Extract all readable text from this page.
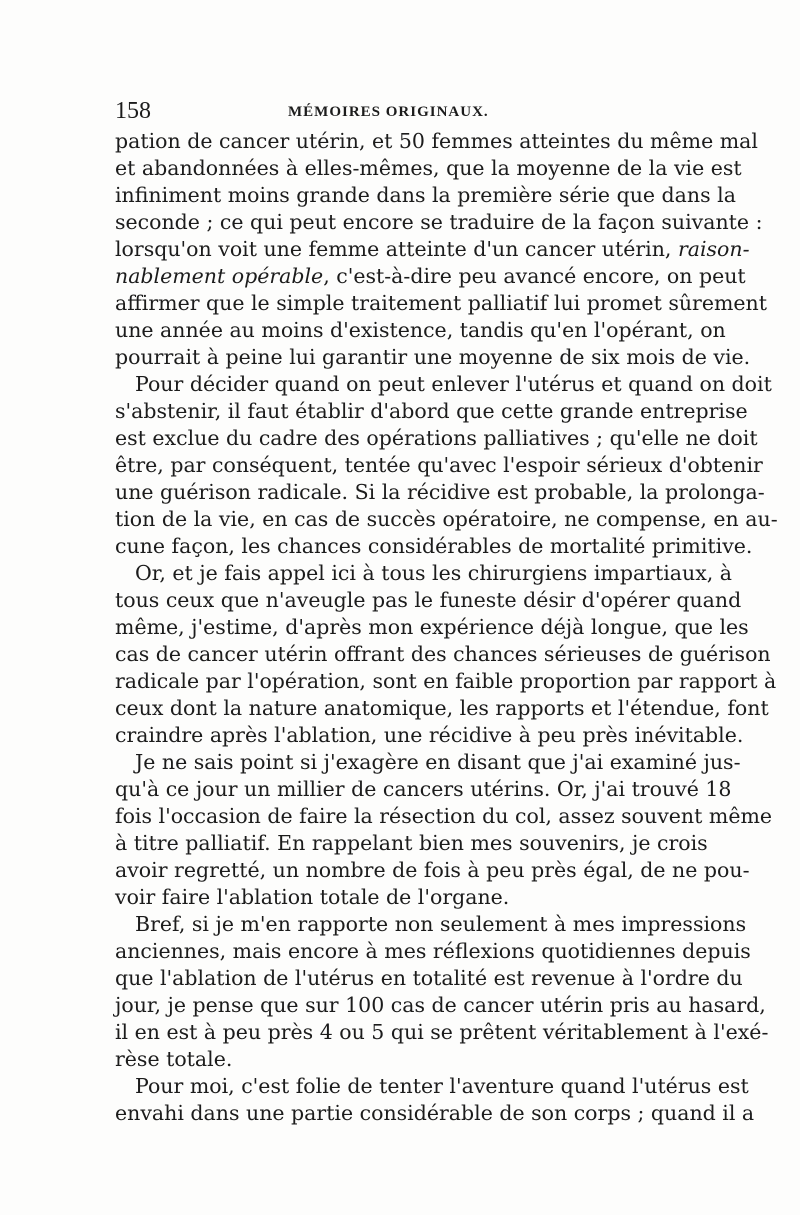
158	MÉMOIRES ORIGINAUX.
pation de cancer utérin, et 50 femmes atteintes du même mal
et abandonnées à elles-mêmes, que la moyenne de la vie est
infiniment moins grande dans la première série que dans la
seconde ; ce qui peut encore se traduire de la façon suivante :
lorsqu'on voit une femme atteinte d'un cancer utérin, raison-
nablement opérable, c'est-à-dire peu avancé encore, on peut
affirmer que le simple traitement palliatif lui promet sûrement
une année au moins d'existence, tandis qu'en l'opérant, on
pourrait à peine lui garantir une moyenne de six mois de vie.
Pour décider quand on peut enlever l'utérus et quand on doit
s'abstenir, il faut établir d'abord que cette grande entreprise
est exclue du cadre des opérations palliatives ; qu'elle ne doit
être, par conséquent, tentée qu'avec l'espoir sérieux d'obtenir
une guérison radicale. Si la récidive est probable, la prolonga-
tion de la vie, en cas de succès opératoire, ne compense, en au-
cune façon, les chances considérables de mortalité primitive.
Or, et je fais appel ici à tous les chirurgiens impartiaux, à
tous ceux que n'aveugle pas le funeste désir d'opérer quand
même, j'estime, d'après mon expérience déjà longue, que les
cas de cancer utérin offrant des chances sérieuses de guérison
radicale par l'opération, sont en faible proportion par rapport à
ceux dont la nature anatomique, les rapports et l'étendue, font
craindre après l'ablation, une récidive à peu près inévitable.
Je ne sais point si j'exagère en disant que j'ai examiné jus-
qu'à ce jour un millier de cancers utérins. Or, j'ai trouvé 18
fois l'occasion de faire la résection du col, assez souvent même
à titre palliatif. En rappelant bien mes souvenirs, je crois
avoir regretté, un nombre de fois à peu près égal, de ne pou-
voir faire l'ablation totale de l'organe.
Bref, si je m'en rapporte non seulement à mes impressions
anciennes, mais encore à mes réflexions quotidiennes depuis
que l'ablation de l'utérus en totalité est revenue à l'ordre du
jour, je pense que sur 100 cas de cancer utérin pris au hasard,
il en est à peu près 4 ou 5 qui se prêtent véritablement à l'exé-
rèse totale.
Pour moi, c'est folie de tenter l'aventure quand l'utérus est
envahi dans une partie considérable de son corps ; quand il a
